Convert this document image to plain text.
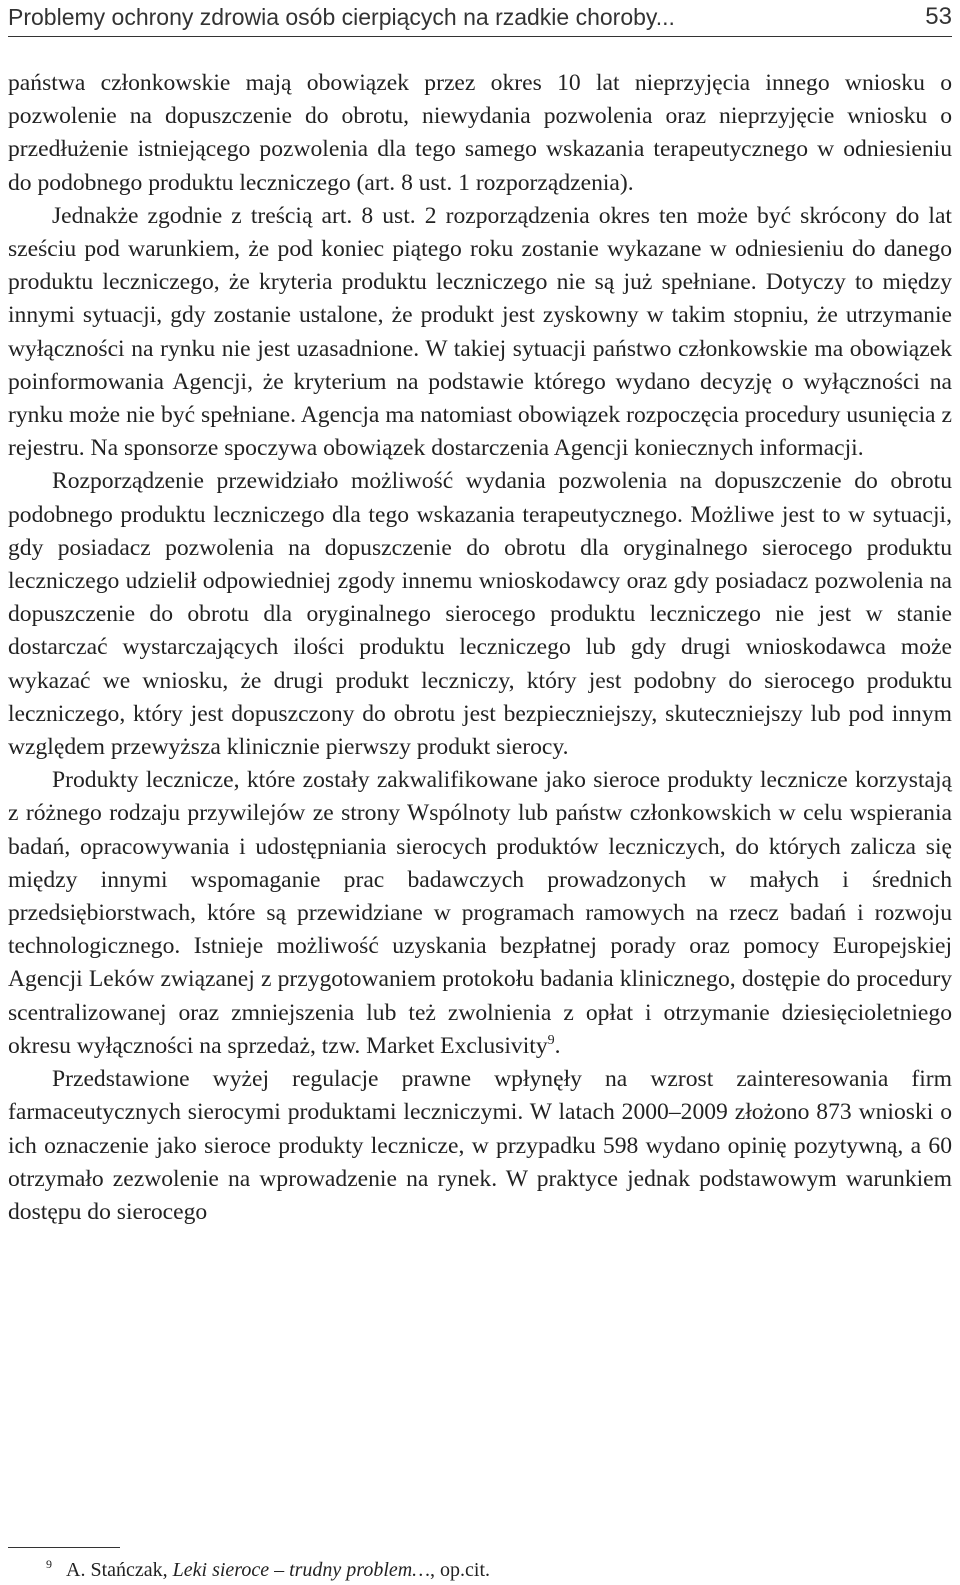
Problemy ochrony zdrowia osób cierpiących na rzadkie choroby...	53

państwa członkowskie mają obowiązek przez okres 10 lat nieprzyjęcia innego wniosku o pozwolenie na dopuszczenie do obrotu, niewydania pozwolenia oraz nieprzyjęcie wniosku o przedłużenie istniejącego pozwolenia dla tego samego wskazania terapeutycznego w odniesieniu do podobnego produktu leczniczego (art. 8 ust. 1 rozporządzenia).

Jednakże zgodnie z treścią art. 8 ust. 2 rozporządzenia okres ten może być skrócony do lat sześciu pod warunkiem, że pod koniec piątego roku zostanie wykazane w odniesieniu do danego produktu leczniczego, że kryteria produktu leczniczego nie są już spełniane. Dotyczy to między innymi sytuacji, gdy zostanie ustalone, że produkt jest zyskowny w takim stopniu, że utrzymanie wyłączności na rynku nie jest uzasadnione. W takiej sytuacji państwo członkowskie ma obowiązek poinformowania Agencji, że kryterium na podstawie którego wydano decyzję o wyłączności na rynku może nie być spełniane. Agencja ma natomiast obowiązek rozpoczęcia procedury usunięcia z rejestru. Na sponsorze spoczywa obowiązek dostarczenia Agencji koniecznych informacji.

Rozporządzenie przewidziało możliwość wydania pozwolenia na dopuszczenie do obrotu podobnego produktu leczniczego dla tego wskazania terapeutycznego. Możliwe jest to w sytuacji, gdy posiadacz pozwolenia na dopuszczenie do obrotu dla oryginalnego sierocego produktu leczniczego udzielił odpowiedniej zgody innemu wnioskodawcy oraz gdy posiadacz pozwolenia na dopuszczenie do obrotu dla oryginalnego sierocego produktu leczniczego nie jest w stanie dostarczać wystarczających ilości produktu leczniczego lub gdy drugi wnioskodawca może wykazać we wniosku, że drugi produkt leczniczy, który jest podobny do sierocego produktu leczniczego, który jest dopuszczony do obrotu jest bezpieczniejszy, skuteczniejszy lub pod innym względem przewyższa klinicznie pierwszy produkt sierocy.

Produkty lecznicze, które zostały zakwalifikowane jako sieroce produkty lecznicze korzystają z różnego rodzaju przywilejów ze strony Wspólnoty lub państw członkowskich w celu wspierania badań, opracowywania i udostępniania sierocych produktów leczniczych, do których zalicza się między innymi wspomaganie prac badawczych prowadzonych w małych i średnich przedsiębiorstwach, które są przewidziane w programach ramowych na rzecz badań i rozwoju technologicznego. Istnieje możliwość uzyskania bezpłatnej porady oraz pomocy Europejskiej Agencji Leków związanej z przygotowaniem protokołu badania klinicznego, dostępie do procedury scentralizowanej oraz zmniejszenia lub też zwolnienia z opłat i otrzymanie dziesięcioletniego okresu wyłączności na sprzedaż, tzw. Market Exclusivity$^9$.

Przedstawione wyżej regulacje prawne wpłynęły na wzrost zainteresowania firm farmaceutycznych sierocymi produktami leczniczymi. W latach 2000–2009 złożono 873 wnioski o ich oznaczenie jako sieroce produkty lecznicze, w przypadku 598 wydano opinię pozytywną, a 60 otrzymało zezwolenie na wprowadzenie na rynek. W praktyce jednak podstawowym warunkiem dostępu do sierocego

$^9$ A. Stańczak, Leki sieroce – trudny problem…, op.cit.
